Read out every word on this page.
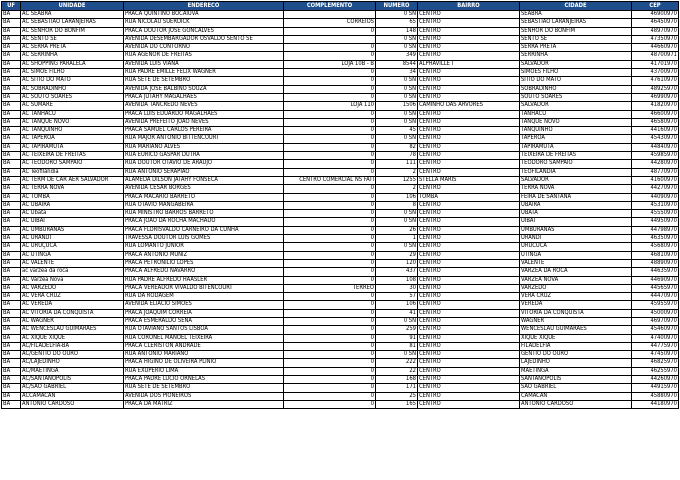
UF	UNIDADE	ENDERECO	COMPLEMENTO	NUMERO	BAIRRO	CIDADE	CEP
BA	AC SEABRA	PRACA QUINTINO BOCAIUVA		0 SN	CENTRO	SEABRA	46900970
BA	AC SEBASTIÃO LARANJEIRAS	RUA NICOLAU SUERDICK	CORREIOS	65	CENTRO	SEBASTIAO LARANJEIRAS	46450970
BA	AC SENHOR DO BONFIM	PRACA DOUTOR JOSE GONCALVES	0	148	CENTRO	SENHOR DO BONFIM	48970970
BA	AC SENTO SE	AVENIDA DESEMBARGADOR OSVALDO SENTO SE		0 SN	CENTRO	SENTO SE	47350970
BA	AC SERRA PRETA	AVENIDA DO CONTORNO	0	0 SN	CENTRO	SERRA PRETA	44660970
BA	AC SERRINHA	RUA AGENOR DE FREITAS	0	349	CENTRO	SERRINHA	48700971
BA	AC SHOPPING PARALELA	AVENIDA LUIS VIANA	LOJA 10B - B	8544	ALPHAVILLE I	SALVADOR	41701970
BA	AC SIMOE FILHO	RUA PADRE EMILLE FELIX WAGNER	0	34	CENTRO	SIMOES FILHO	43700970
BA	AC SITIO DO MATO	RUA SETE DE SETEMBRO	0	0 SN	CENTRO	SITIO DO MATO	47610970
BA	AC SOBRADINHO	AVENIDA JOSE BALBINO SOUZA	0	0 SN	CENTRO	SOBRADINHO	48925970
BA	AC SOUTO SOARES	PRACA JUTAHY MAGALHAES	0	0 SN	CENTRO	SOUTO SOARES	46990970
BA	AC SUMARE	AVENIDA TANCREDO NEVES	LOJA 110	1506	CAMINHO DAS ARVORES	SALVADOR	41820970
BA	AC TANHACU	PRACA LUIS EDUARDO MAGALHAES	0	0 SN	CENTRO	TANHACU	46600970
BA	AC TANQUE NOVO	AVENIDA PREFEITO JOAO NEVES	0	0 SN	CENTRO	TANQUE NOVO	46580970
BA	AC TANQUINHO	PRACA SAMUEL CARLOS PEREIRA	0	45	CENTRO	TANQUINHO	44160970
BA	AC TAPEROA	RUA MAJOR ANTONIO BITTENCOURT	0	0 SN	CENTRO	TAPEROA	45430970
BA	AC TAPIRAMUTA	RUA MARIANO ALVES	0	82	CENTRO	TAPIRAMUTA	44840970
BA	AC TEIXEIRA DE FREITAS	RUA EURICO GASPAR DUTRA	0	78	CENTRO	TEIXEIRA DE FREITAS	45985970
BA	AC TEODORO SAMPAIO	RUA DOUTOR OTAVIO DE ARAUJO	0	111	CENTRO	TEODORO SAMPAIO	44280970
BA	AC Teofilândia	RUA ANTONIO SERAPIAO	0	2	CENTRO	TEOFILANDIA	48770970
BA	AC TERM DE CAR AER SALVADOR	ALAMEDA DILSON JATAHY FONSECA	CENTRO COMERCIAL NS FATI	1255	STELLA MARIS	SALVADOR	41600970
BA	AC TERRA NOVA	AVENIDA CESAR BORGES	0	2	CENTRO	TERRA NOVA	44270970
BA	AC TOMBA	PRACA MACARIO BARRETO	0	106	TOMBA	FEIRA DE SANTANA	44090970
BA	AC UBAÍRA	RUA OTAVIO MANGABEIRA	0	8	CENTRO	UBAIRA	45310970
BA	AC Ubatã	RUA MINISTRO BARROS BARRETO	0	0 SN	CENTRO	UBATA	45550970
BA	AC UIBAÍ	PRACA JOAO DA ROCHA MACHADO	0	0 SN	CENTRO	UIBAI	44950970
BA	AC UMBURANAS	PRACA FLORISVALDO CARNEIRO DA CUNHA	0	26	CENTRO	UMBURANAS	44798970
BA	AC URANDI	TRAVESSA DOUTOR LUIS GOMES	0	1	CENTRO	URANDI	46350970
BA	AC URUÇUCA	RUA LOMANTO JUNIOR	0	0 SN	CENTRO	URUCUCA	45680970
BA	AC UTINGA	PRACA ANTONIO MUNIZ	0	29	CENTRO	UTINGA	46810970
BA	AC VALENTE	PRACA PETRONILIO LOPES	0	120	CENTRO	VALENTE	48890970
BA	ac varzea da roca	PRACA ALFREDO NAVARRO	0	437	CENTRO	VARZEA DA ROCA	44635970
BA	AC Várzea Nova	RUA PADRE ALFREDO HAASLER	0	108	CENTRO	VARZEA NOVA	44690970
BA	AC VARZEDO	PRACA VEREADOR VIVALDO BITENCOURT	TERREO	30	CENTRO	VARZEDO	44565970
BA	AC VERA CRUZ	RUA DA RODAGEM	0	57	CENTRO	VERA CRUZ	44470970
BA	AC VEREDA	AVENIDA ELIACIO SIMOES	0	106	CENTRO	VEREDA	45955970
BA	AC VITORIA DA CONQUISTA	PRACA JOAQUIM CORREIA	0	41	CENTRO	VITORIA DA CONQUISTA	45000970
BA	AC WAGNER	PRACA ESMERALDO SENA	0	0 SN	CENTRO	WAGNER	46970970
BA	AC WENCESLAU GUIMARAES	RUA OTAVIANO SANTOS LISBOA	0	259	CENTRO	WENCESLAU GUIMARAES	45460970
BA	AC XIQUE XIQUE	RUA CORONEL MANOEL TEIXEIRA	0	91	CENTRO	XIQUE XIQUE	47400970
BA	AC/FILADELFIA-BA	PRACA CLERISTON ANDRADE	0	81	CENTRO	FILADELFIA	44775970
BA	AC/GENTIO DO OURO	RUA ANTONIO MARIANO	0	0 SN	CENTRO	GENTIO DO OURO	47450970
BA	AC/LAJEDINHO	PRACA HIGINO DE OLIVEIRA PLINIO	0	222	CENTRO	LAJEDINHO	46825970
BA	AC/MAETINGA	RUA EXUPERIO LIMA	0	22	CENTRO	MAETINGA	46255970
BA	AC/SANTANÓPOLIS	PRACA PADRE LUCIO ORNELAS	0	168	CENTRO	SANTANOPOLIS	44260970
BA	AC/SAO GABRIEL	RUA SETE DE SETEMBRO	0	171	CENTRO	SAO GABRIEL	44915970
BA	ACCAMACAN	AVENIDA DOS PIONEIROS	0	25	CENTRO	CAMACAN	45880970
BA	ANTONIO CARDOSO	PRACA DA MATRIZ	0	165	CENTRO	ANTONIO CARDOSO	44180970
